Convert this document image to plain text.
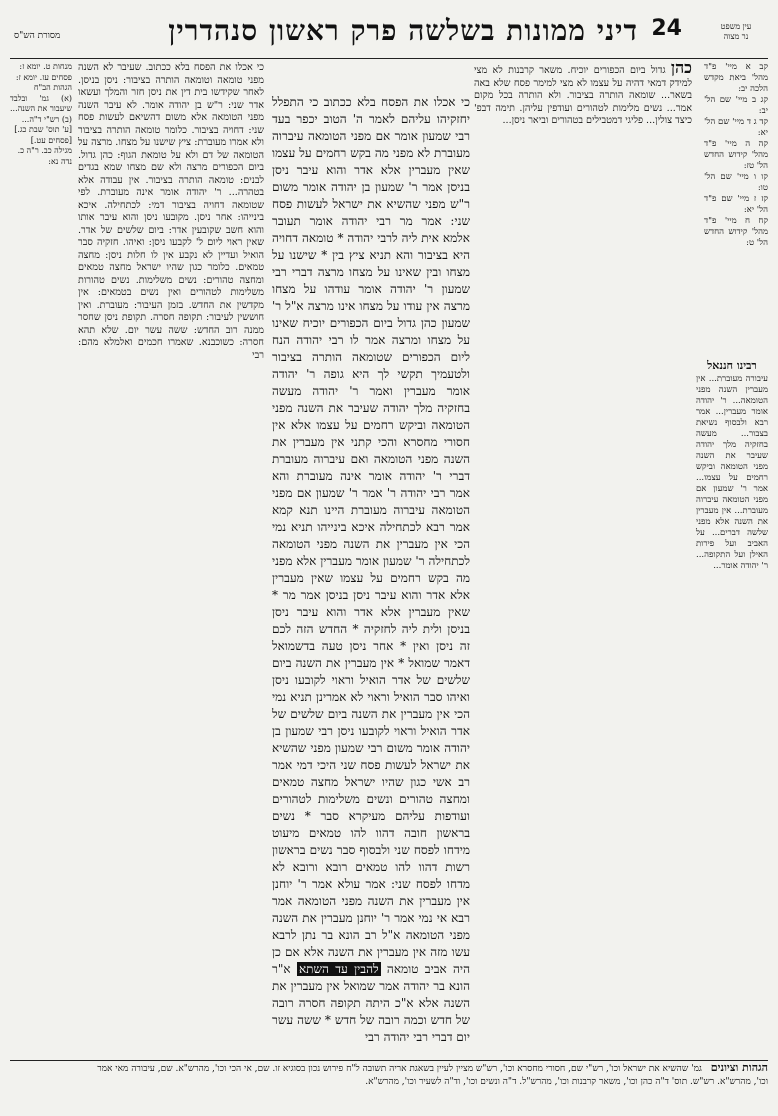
עין משפט
נר מצוה
24
דיני ממונות בשלשה פרק ראשון סנהדרין
מסורת הש"ס
קב א מיי' פ"ד מהל' ביאת מקדש הלכה יב:
קג ב מיי' שם הל' יב:
קד ג ד מיי' שם הל' יא:
קה ה מיי' פ"ד מהל' קידוש החדש הל' טז:
קו ו מיי' שם הל' טו:
קז ז מיי' שם פ"ד הל' יא:
קח ח מיי' פ"ד מהל' קידוש החדש הל' ט:

כהן גדול ביום הכפורים יוכיח. משאר קרבנות לא מצי למידק דמאי דהיה על עצמו לא מצי למימר פסח שלא באה בשאר... שומאה הותרה בציבור. ולא הותרה בכל מקום אמר... נשים מלימות לטהורים ועודפין עליהן. תימה דבפ' כיצד צולין... פליגי דמטבילים בטהורים וביאר ניסן...

רבינו חננאל

עיבורה מעוברת... אין מעברין השנה מפני הטומאה... ר' יהודה אומר מעברין... אמר רבא ולבסוף נשיאת בצבור... מעשה בחזקיה מלך יהודה שעיבר את השנה מפני הטומאה וביקש רחמים על עצמו... אמר ר' שמעון אם מפני הטומאה עיברוה מעוברת... אין מעברין את השנה אלא מפני שלשה דברים... על האביב ועל פירות האילן ועל התקופה... ר' יהודה אומר...

כי אכלו את הפסח בלא ככתוב כי התפלל יחזקיהו עליהם לאמר ה' הטוב יכפר בעד רבי שמעון אומר אם מפני הטומאה עיברוה מעוברת לא מפני מה בקש רחמים על עצמו שאין מעברין אלא אדר והוא עיבר ניסן בניסן אמר ר' שמעון בן יהודה אומר משום ר"ש מפני שהשיא את ישראל לעשות פסח שני: אמר מר רבי יהודה אומר תעובר אלמא אית ליה לרבי יהודה * טומאה דחויה היא בציבור והא תניא ציץ בין * שישנו על מצחו ובין שאינו על מצחו מרצה דברי רבי שמעון ר' יהודה אומר עודהו על מצחו מרצה אין עודו על מצחו אינו מרצה א"ל ר' שמעון כהן גדול ביום הכפורים יוכיח שאינו על מצחו ומרצה אמר לו רבי יהודה הנח ליום הכפורים שטומאה הותרה בציבור ולטעמיך תקשי לך היא גופה ר' יהודה אומר מעברין ואמר ר' יהודה מעשה בחזקיה מלך יהודה שעיבר את השנה מפני הטומאה וביקש רחמים על עצמו אלא אין חסורי מחסרא והכי קתני אין מעברין את השנה מפני הטומאה ואם עיברוה מעוברת דברי ר' יהודה אומר אינה מעוברת והא אמר רבי יהודה ר' אמר ר' שמעון אם מפני הטומאה עיברוה מעוברת היינו תנא קמא אמר רבא לכתחילה איכא בינייהו תניא נמי הכי אין מעברין את השנה מפני הטומאה לכתחילה ר' שמעון אומר מעברין אלא מפני מה בקש רחמים על עצמו שאין מעברין אלא אדר והוא עיבר ניסן בניסן אמר מר * שאין מעברין אלא אדר והוא עיבר ניסן בניסן ולית ליה לחזקיה * החדש הזה לכם זה ניסן ואין * אחר ניסן טעה בדשמואל דאמר שמואל * אין מעברין את השנה ביום שלשים של אדר הואיל וראוי לקובעו ניסן ואיהו סבר הואיל וראוי לא אמרינן תניא נמי הכי אין מעברין את השנה ביום שלשים של אדר הואיל וראוי לקובעו ניסן רבי שמעון בן יהודה אומר משום רבי שמעון מפני שהשיא את ישראל לעשות פסח שני היכי דמי אמר רב אשי כגון שהיו ישראל מחצה טמאים ומחצה טהורים ונשים משלימות לטהורים ועודפות עליהם מעיקרא סבר * נשים בראשון חובה דהוו להו טמאים מיעוט מידחו לפסח שני ולבסוף סבר נשים בראשון רשות דהוו להו טמאים רובא ורובא לא מדחו לפסח שני: אמר עולא אמר ר' יוחנן אין מעברין את השנה מפני הטומאה אמר רבא אי נמי אמר ר' יוחנן מעברין את השנה מפני הטומאה א"ל רב הונא בר נתן לרבא עשו מזה אין מעברין את השנה אלא אם כן היה אביב טומאה להבין עד השתא א"ר הונא בר יהודה אמר שמואל אין מעברין את השנה אלא א"כ היתה תקופה חסרה רובה של חדש וכמה רובה של חדש * ששה עשר יום דברי רבי יהודה רבי

כי אכלו את הפסח בלא ככתוב. שעיבר לא השנה מפני טומאה וטומאה הותרה בציבור: ניסן בניסן. לאחר שקידשו בית דין את ניסן חזר והמלך ועשאו אדר שני: ר"ש בן יהודה אומר. לא עיבר השנה מפני הטומאה אלא משום דהשיאם לעשות פסח שני: דחויה בציבור. כלומר טומאה הותרה בציבור ולא אמרו מעוברת: ציץ שישנו על מצחו. מרצה על הטומאה של דם ולא על טומאת הגוף: כהן גדול. ביום הכפורים מרצה ולא שם מצחו שמא בגדים לבנים: טומאה הותרה בציבור. אין עבודה אלא בטהרה... ר' יהודה אומר אינה מעוברת. לפי שטומאה דחויה בציבור דמי: לכתחילה. איכא בינייהו: אחר ניסן. מקובעו ניסן והוא עיבר אותו והוא חשב שקובעין אדר: ביום שלשים של אדר. שאין ראוי ליום ל' לקבעו ניסן: ואיהו. חזקיה סבר הואיל ועדיין לא נקבע אין לו חלות ניסן: מחצה טמאים. כלומר כגון שהיו ישראל מחצה טמאים ומחצה טהורים: נשים משלימות. נשים טהורות משלימות לטהורים ואין נשים בטמאים: אין מקדשין את החדש. בזמן העיבור: מעוברת. ואין חוששין לעיבור: תקופה חסרה. תקופת ניסן שחסר ממנה רוב החדש: ששה עשר יום. שלא תהא חסרה: כשוכבנא. שאמרו חכמים ואלמלא מהם: רבי

מנחות ט. יומא ז:
פסחים עז. יומא ז:
הגהות הב"ח
(א) גמ' ובלבד שיעבור את השנה...
(ב) רש"י ד"ה...
[ע' תוס' שבת כג.]
[פסחים עט.]
מגילה כב. ר"ה כ.
נדה נא:
הגהות וציונים גמ' שהשיא את ישראל וכו', רש"י שם, חסורי מחסרא וכו', רש"ש מציין לעיין בשאגת אריה תשובה ל"ח פירוש נכון בסוגיא זו. שם, אי הכי וכו', מהרש"א. שם, עיבורה מאי אמר
וכו', מהרש"א. רש"ש. תוס' ד"ה כהן וכו', משאר קרבנות וכו', מהרש"ל. ד"ה ונשים וכו', וד"ה לשעיר וכו', מהרש"א.
